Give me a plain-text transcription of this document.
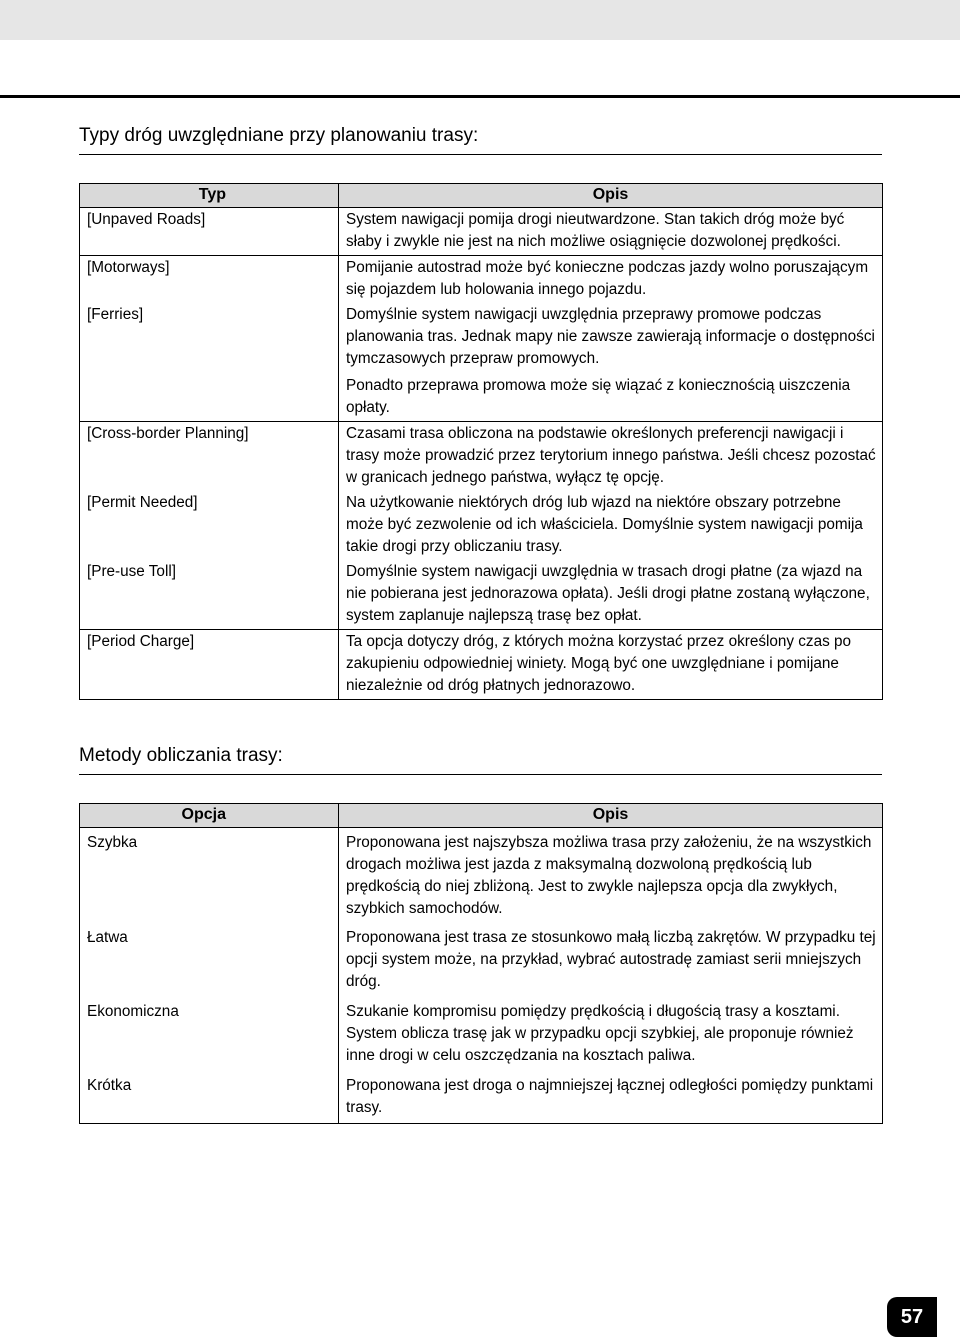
Typy dróg uwzględniane przy planowaniu trasy:
Typ	Opis
[Unpaved Roads]	System nawigacji pomija drogi nieutwardzone. Stan takich dróg może być słaby i zwykle nie jest na nich możliwe osiągnięcie dozwolonej prędkości.

[Motorways]	Pomijanie autostrad może być konieczne podczas jazdy wolno poruszającym się pojazdem lub holowania innego pojazdu.

[Ferries]	Domyślnie system nawigacji uwzględnia przeprawy promowe podczas planowania tras. Jednak mapy nie zawsze zawierają informacje o dostępności tymczasowych przepraw promowych.

Ponadto przeprawa promowa może się wiązać z koniecznością uiszczenia opłaty.

[Cross-border Planning]	Czasami trasa obliczona na podstawie określonych preferencji nawigacji i trasy może prowadzić przez terytorium innego państwa. Jeśli chcesz pozostać w granicach jednego państwa, wyłącz tę opcję.

[Permit Needed]	Na użytkowanie niektórych dróg lub wjazd na niektóre obszary potrzebne może być zezwolenie od ich właściciela. Domyślnie system nawigacji pomija takie drogi przy obliczaniu trasy.

[Pre-use Toll]	Domyślnie system nawigacji uwzględnia w trasach drogi płatne (za wjazd na nie pobierana jest jednorazowa opłata). Jeśli drogi płatne zostaną wyłączone, system zaplanuje najlepszą trasę bez opłat.

[Period Charge]	Ta opcja dotyczy dróg, z których można korzystać przez określony czas po zakupieniu odpowiedniej winiety. Mogą być one uwzględniane i pomijane niezależnie od dróg płatnych jednorazowo.

Metody obliczania trasy:
Opcja	Opis
Szybka	Proponowana jest najszybsza możliwa trasa przy założeniu, że na wszystkich drogach możliwa jest jazda z maksymalną dozwoloną prędkością lub prędkością do niej zbliżoną. Jest to zwykle najlepsza opcja dla zwykłych, szybkich samochodów.

Łatwa	Proponowana jest trasa ze stosunkowo małą liczbą zakrętów. W przypadku tej opcji system może, na przykład, wybrać autostradę zamiast serii mniejszych dróg.

Ekonomiczna	Szukanie kompromisu pomiędzy prędkością i długością trasy a kosztami. System oblicza trasę jak w przypadku opcji szybkiej, ale proponuje również inne drogi w celu oszczędzania na kosztach paliwa.

Krótka	Proponowana jest droga o najmniejszej łącznej odległości pomiędzy punktami trasy.

57
